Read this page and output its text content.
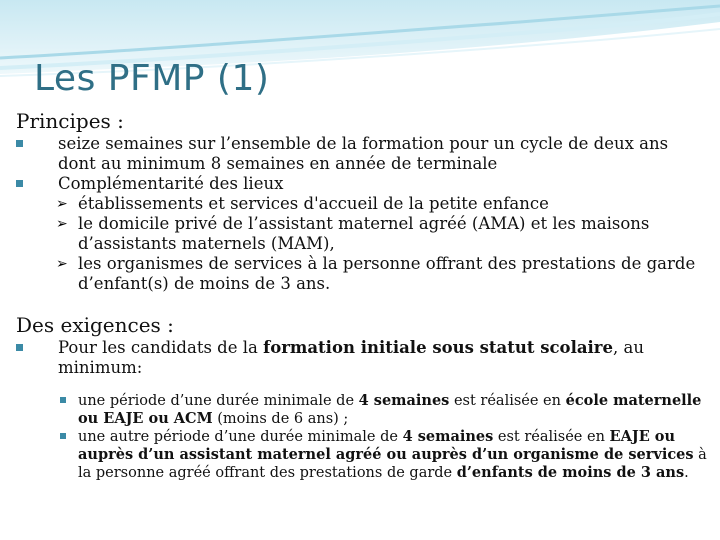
Les PFMP (1)

Principes :

seize semaines sur l’ensemble de la formation pour un cycle de deux ans dont au minimum 8 semaines en année de terminale
Complémentarité des lieux
➢ établissements et services d'accueil de la petite enfance
➢ le domicile privé de l’assistant maternel agréé (AMA) et les maisons d’assistants maternels (MAM),
➢ les organismes de services à la personne offrant des prestations de garde d’enfant(s) de moins de 3 ans.

Des exigences :

Pour les candidats de la formation initiale sous statut scolaire, au minimum:
une période d’une durée minimale de 4 semaines est réalisée en école maternelle ou EAJE ou ACM (moins de 6 ans) ;
une autre période d’une durée minimale de 4 semaines est réalisée en EAJE ou auprès d’un assistant maternel agréé ou auprès d’un organisme de services à la personne agréé offrant des prestations de garde d’enfants de moins de 3 ans.
